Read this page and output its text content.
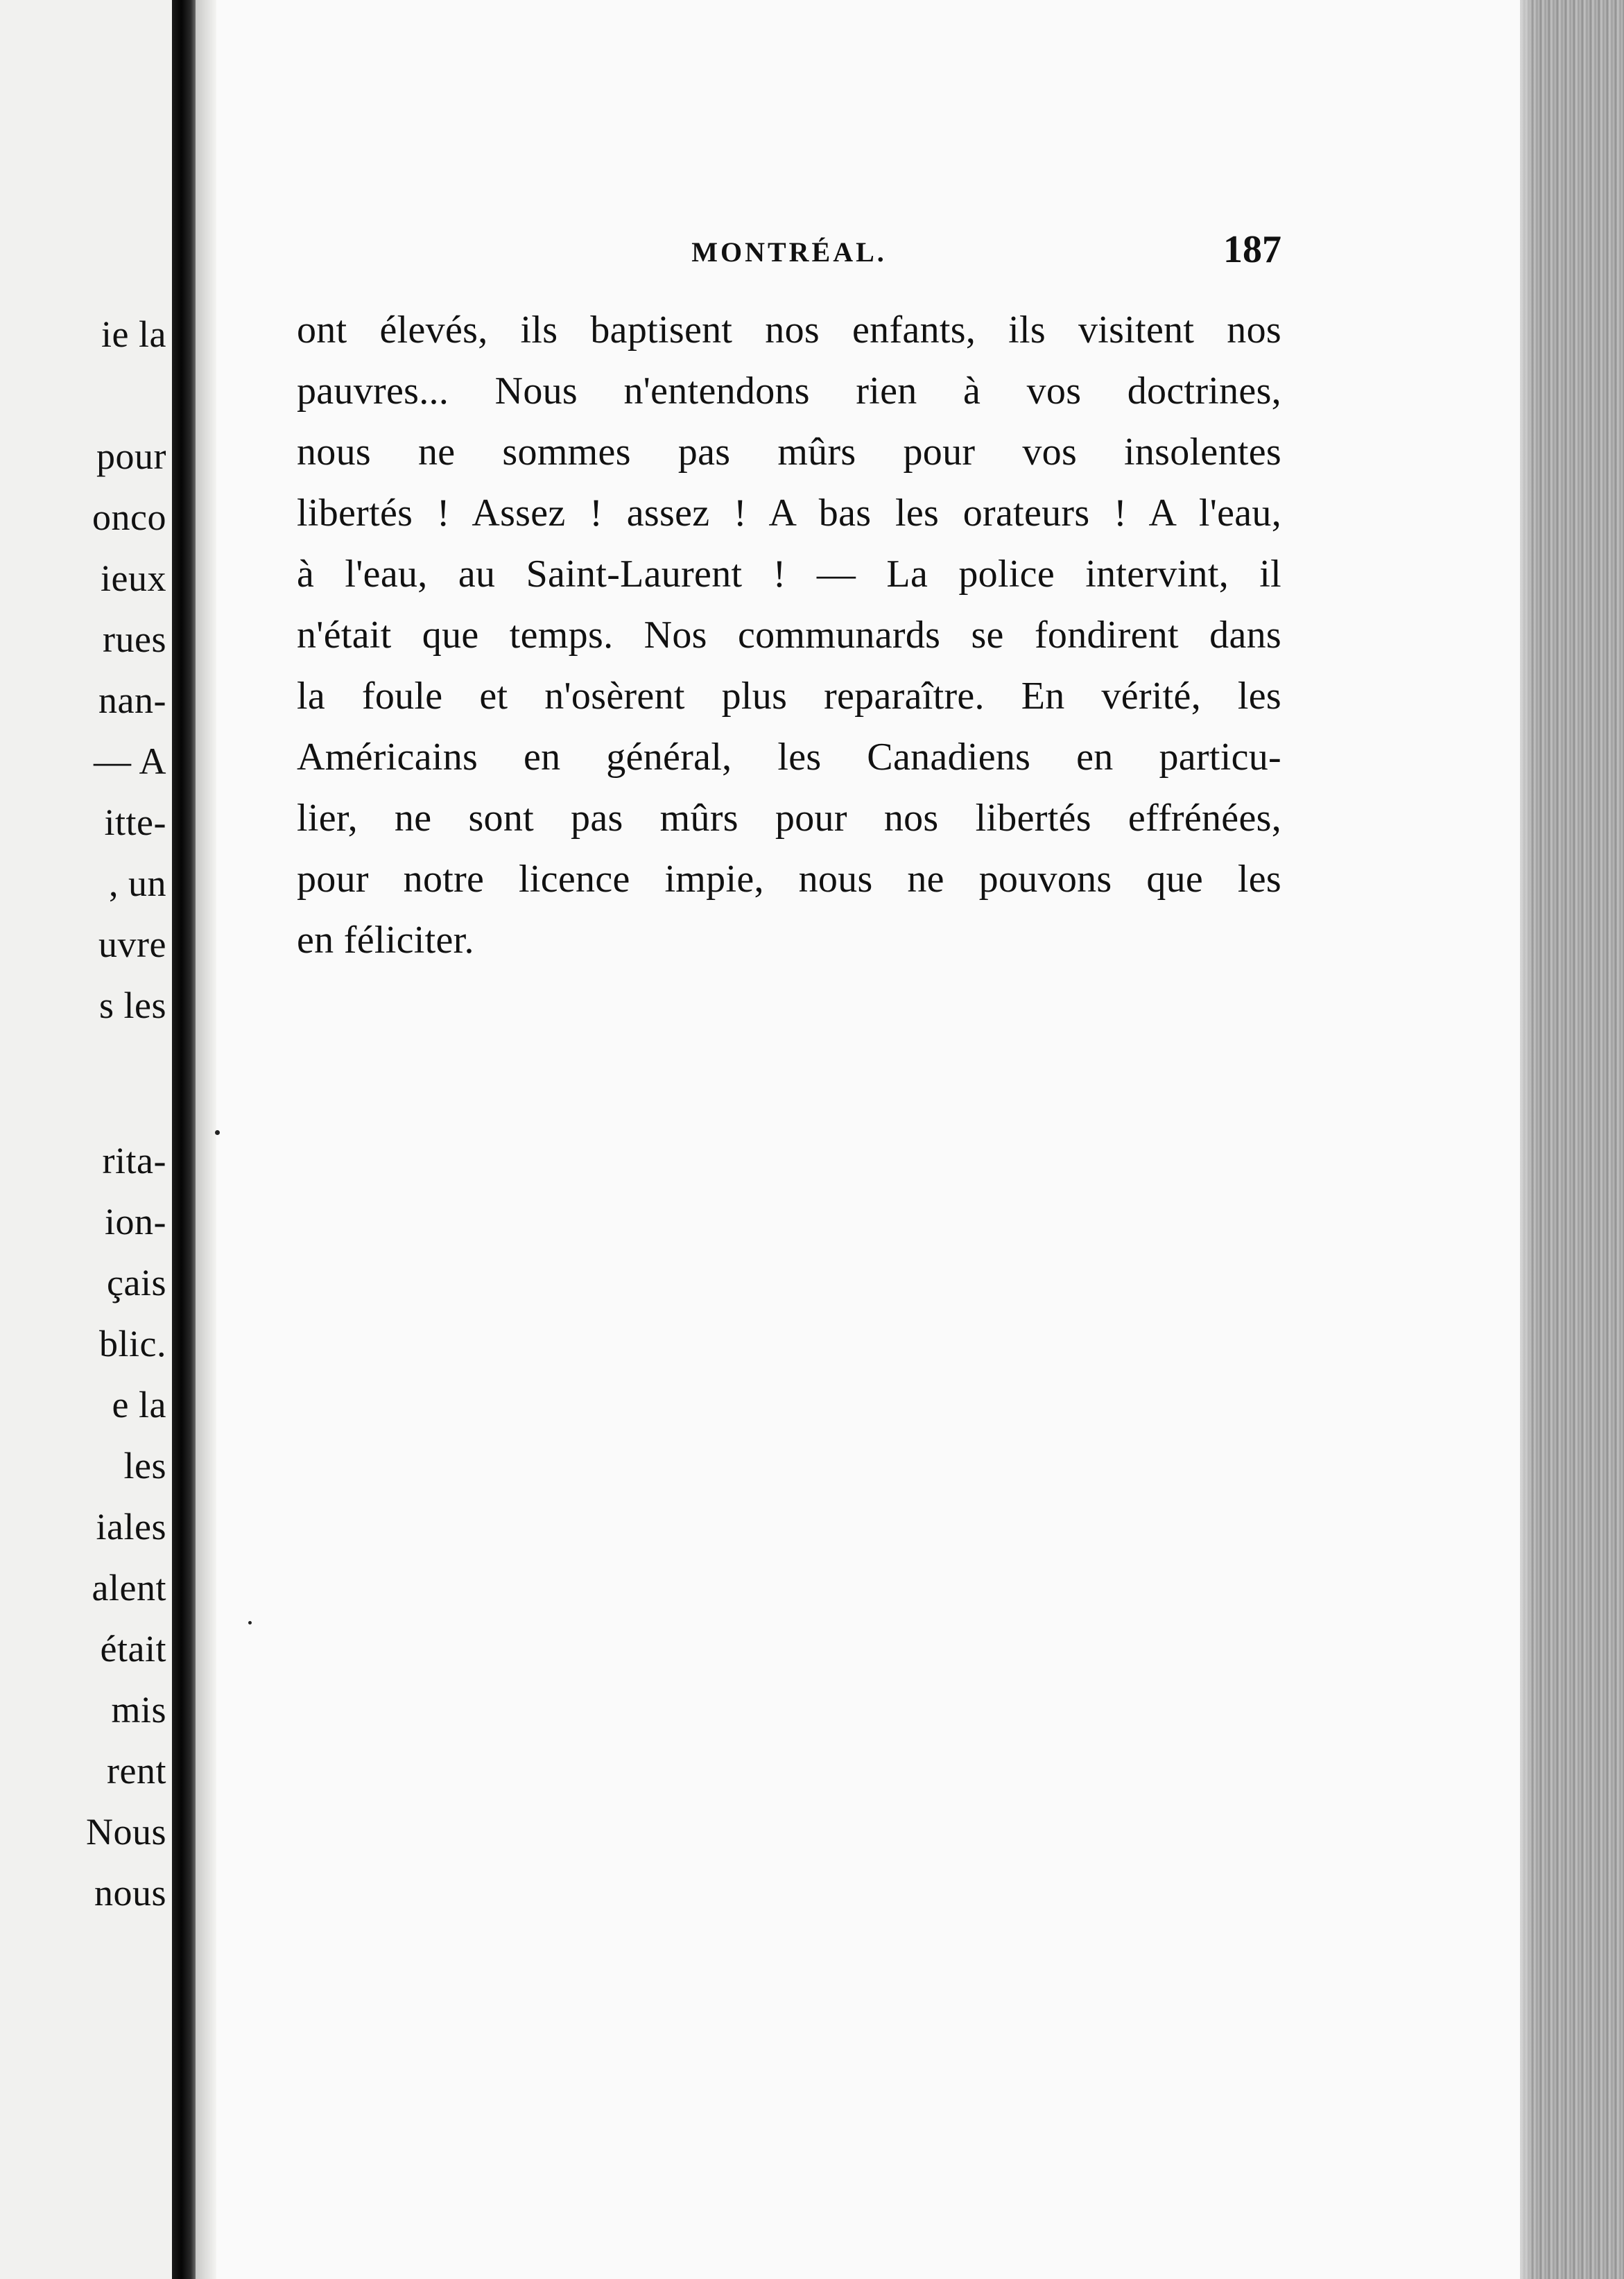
ie la
pour
onco
ieux
rues
nan-
— A
itte-
, un
uvre
s les
rita-
ion-
çais
blic.
e la
les
iales
alent
était
mis
rent
Nous
nous
MONTRÉAL.	187
ont élevés, ils baptisent nos enfants, ils visitent nos
pauvres... Nous n'entendons rien à vos doctrines,
nous ne sommes pas mûrs pour vos insolentes
libertés ! Assez ! assez ! A bas les orateurs ! A l'eau,
à l'eau, au Saint-Laurent ! — La police intervint, il
n'était que temps. Nos communards se fondirent dans
la foule et n'osèrent plus reparaître. En vérité, les
Américains en général, les Canadiens en particu-
lier, ne sont pas mûrs pour nos libertés effrénées,
pour notre licence impie, nous ne pouvons que les
en féliciter.
